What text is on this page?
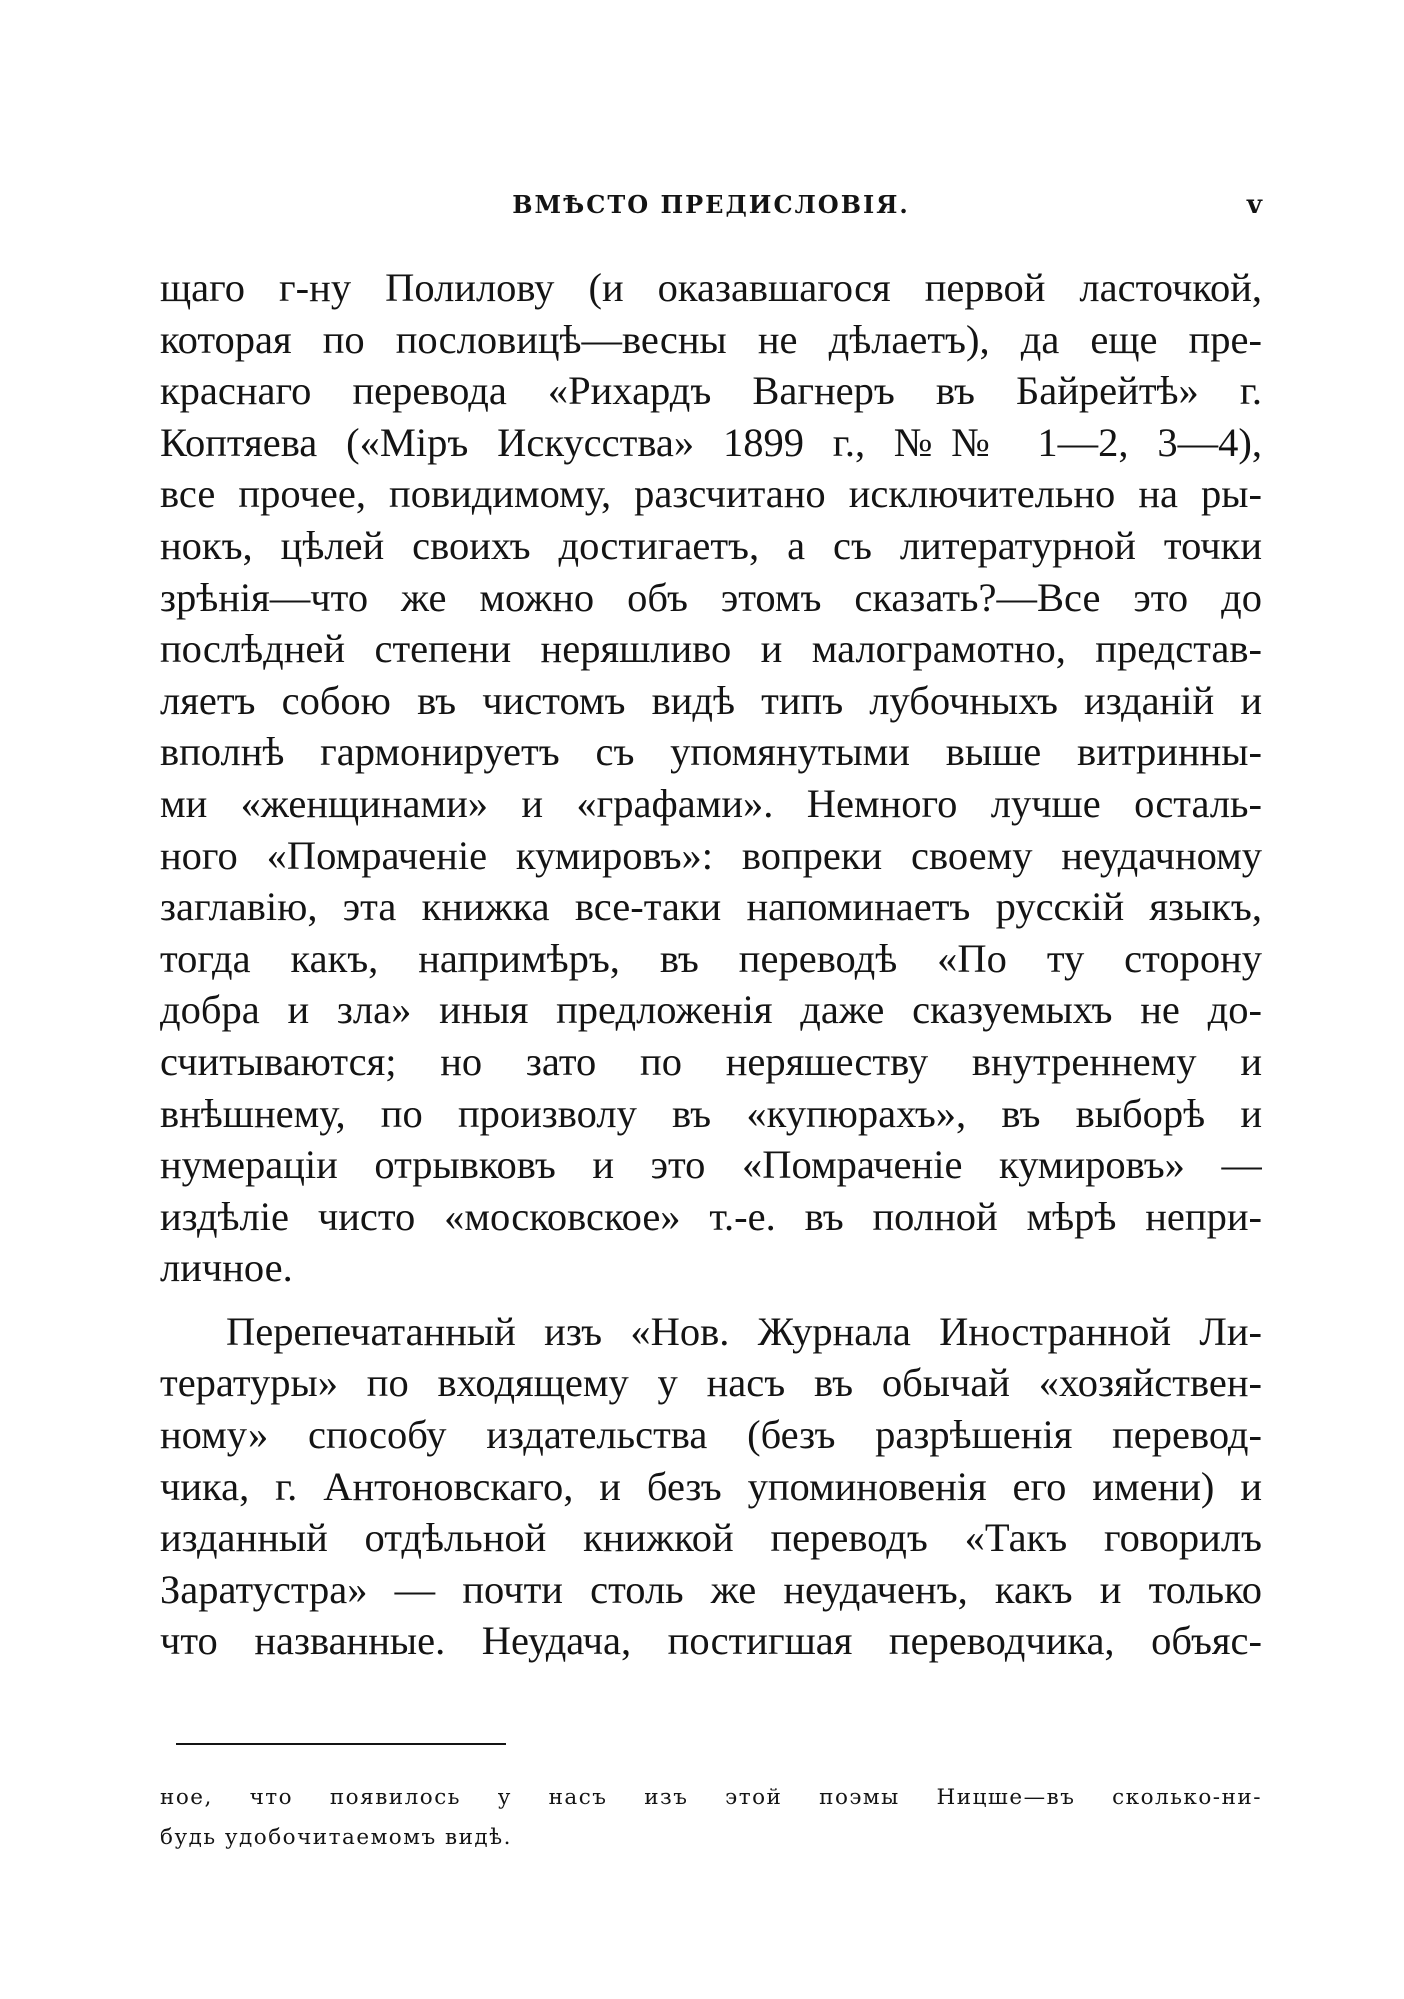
ВМѢСТО ПРЕДИСЛОВІЯ.	v
щаго г-ну Полилову (и оказавшагося первой ласточкой,
которая по пословицѣ—весны не дѣлаетъ), да еще пре-
краснаго перевода «Рихардъ Вагнеръ въ Байрейтѣ» г.
Коптяева («Міръ Искусства» 1899 г., №№ 1—2, 3—4),
все прочее, повидимому, разсчитано исключительно на ры-
нокъ, цѣлей своихъ достигаетъ, а съ литературной точки
зрѣнія—что же можно объ этомъ сказать?—Все это до
послѣдней степени неряшливо и малограмотно, представ-
ляетъ собою въ чистомъ видѣ типъ лубочныхъ изданій и
вполнѣ гармонируетъ съ упомянутыми выше витринны-
ми «женщинами» и «графами». Немного лучше осталь-
ного «Помраченіе кумировъ»: вопреки своему неудачному
заглавію, эта книжка все-таки напоминаетъ русскій языкъ,
тогда какъ, напримѣръ, въ переводѣ «По ту сторону
добра и зла» иныя предложенія даже сказуемыхъ не до-
считываются; но зато по неряшеству внутреннему и
внѣшнему, по произволу въ «купюрахъ», въ выборѣ и
нумераціи отрывковъ и это «Помраченіе кумировъ» —
издѣліе чисто «московское» т.-е. въ полной мѣрѣ непри-
личное.
Перепечатанный изъ «Нов. Журнала Иностранной Ли-
тературы» по входящему у насъ въ обычай «хозяйствен-
ному» способу издательства (безъ разрѣшенія перевод-
чика, г. Антоновскаго, и безъ упоминовенія его имени) и
изданный отдѣльной книжкой переводъ «Такъ говорилъ
Заратустра» — почти столь же неудаченъ, какъ и только
что названные. Неудача, постигшая переводчика, объяс-
ное, что появилось у насъ изъ этой поэмы Ницше—въ сколько-ни-
будь удобочитаемомъ видѣ.
